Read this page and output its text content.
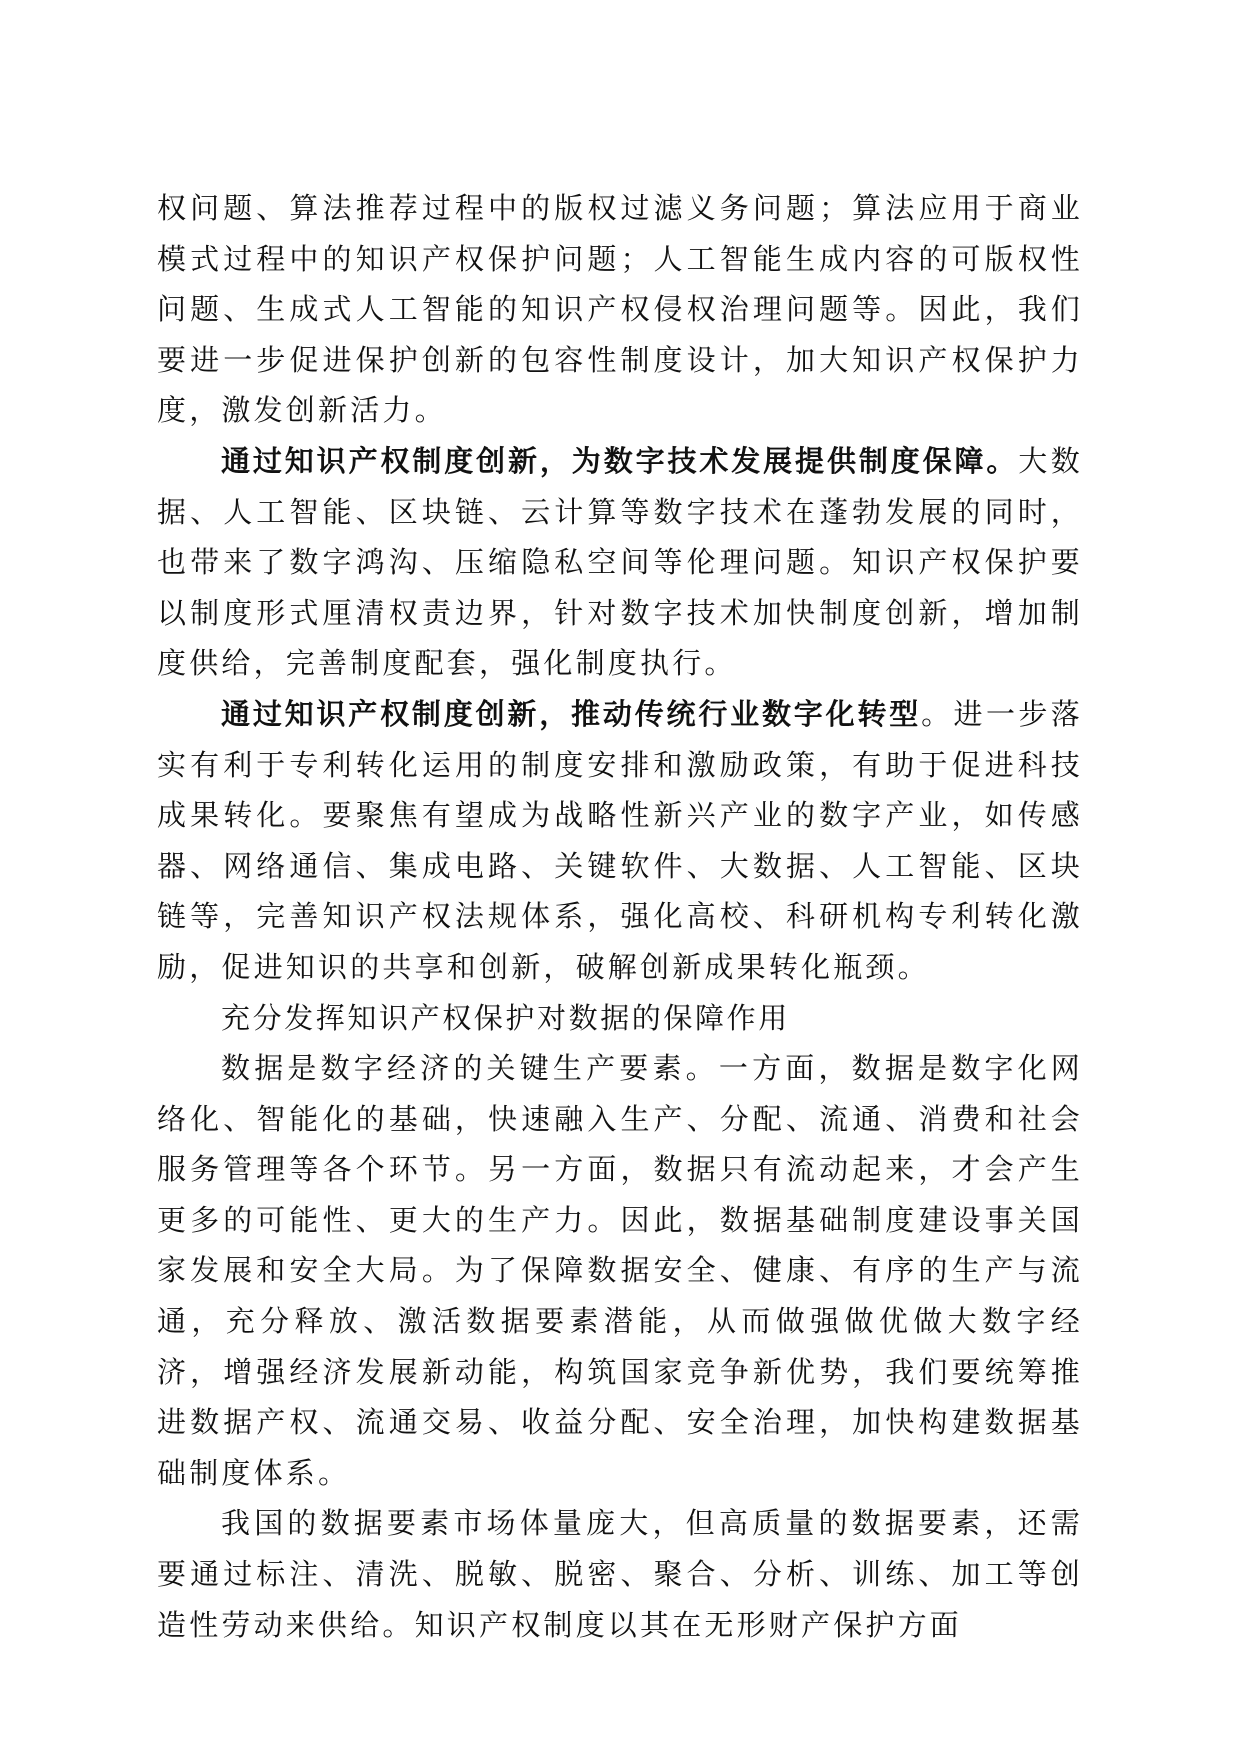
权问题、算法推荐过程中的版权过滤义务问题；算法应用于商业模式过程中的知识产权保护问题；人工智能生成内容的可版权性问题、生成式人工智能的知识产权侵权治理问题等。因此，我们要进一步促进保护创新的包容性制度设计，加大知识产权保护力度，激发创新活力。

通过知识产权制度创新，为数字技术发展提供制度保障。大数据、人工智能、区块链、云计算等数字技术在蓬勃发展的同时，也带来了数字鸿沟、压缩隐私空间等伦理问题。知识产权保护要以制度形式厘清权责边界，针对数字技术加快制度创新，增加制度供给，完善制度配套，强化制度执行。

通过知识产权制度创新，推动传统行业数字化转型。进一步落实有利于专利转化运用的制度安排和激励政策，有助于促进科技成果转化。要聚焦有望成为战略性新兴产业的数字产业，如传感器、网络通信、集成电路、关键软件、大数据、人工智能、区块链等，完善知识产权法规体系，强化高校、科研机构专利转化激励，促进知识的共享和创新，破解创新成果转化瓶颈。

充分发挥知识产权保护对数据的保障作用

数据是数字经济的关键生产要素。一方面，数据是数字化网络化、智能化的基础，快速融入生产、分配、流通、消费和社会服务管理等各个环节。另一方面，数据只有流动起来，才会产生更多的可能性、更大的生产力。因此，数据基础制度建设事关国家发展和安全大局。为了保障数据安全、健康、有序的生产与流通，充分释放、激活数据要素潜能，从而做强做优做大数字经济，增强经济发展新动能，构筑国家竞争新优势，我们要统筹推进数据产权、流通交易、收益分配、安全治理，加快构建数据基础制度体系。

我国的数据要素市场体量庞大，但高质量的数据要素，还需要通过标注、清洗、脱敏、脱密、聚合、分析、训练、加工等创造性劳动来供给。知识产权制度以其在无形财产保护方面
